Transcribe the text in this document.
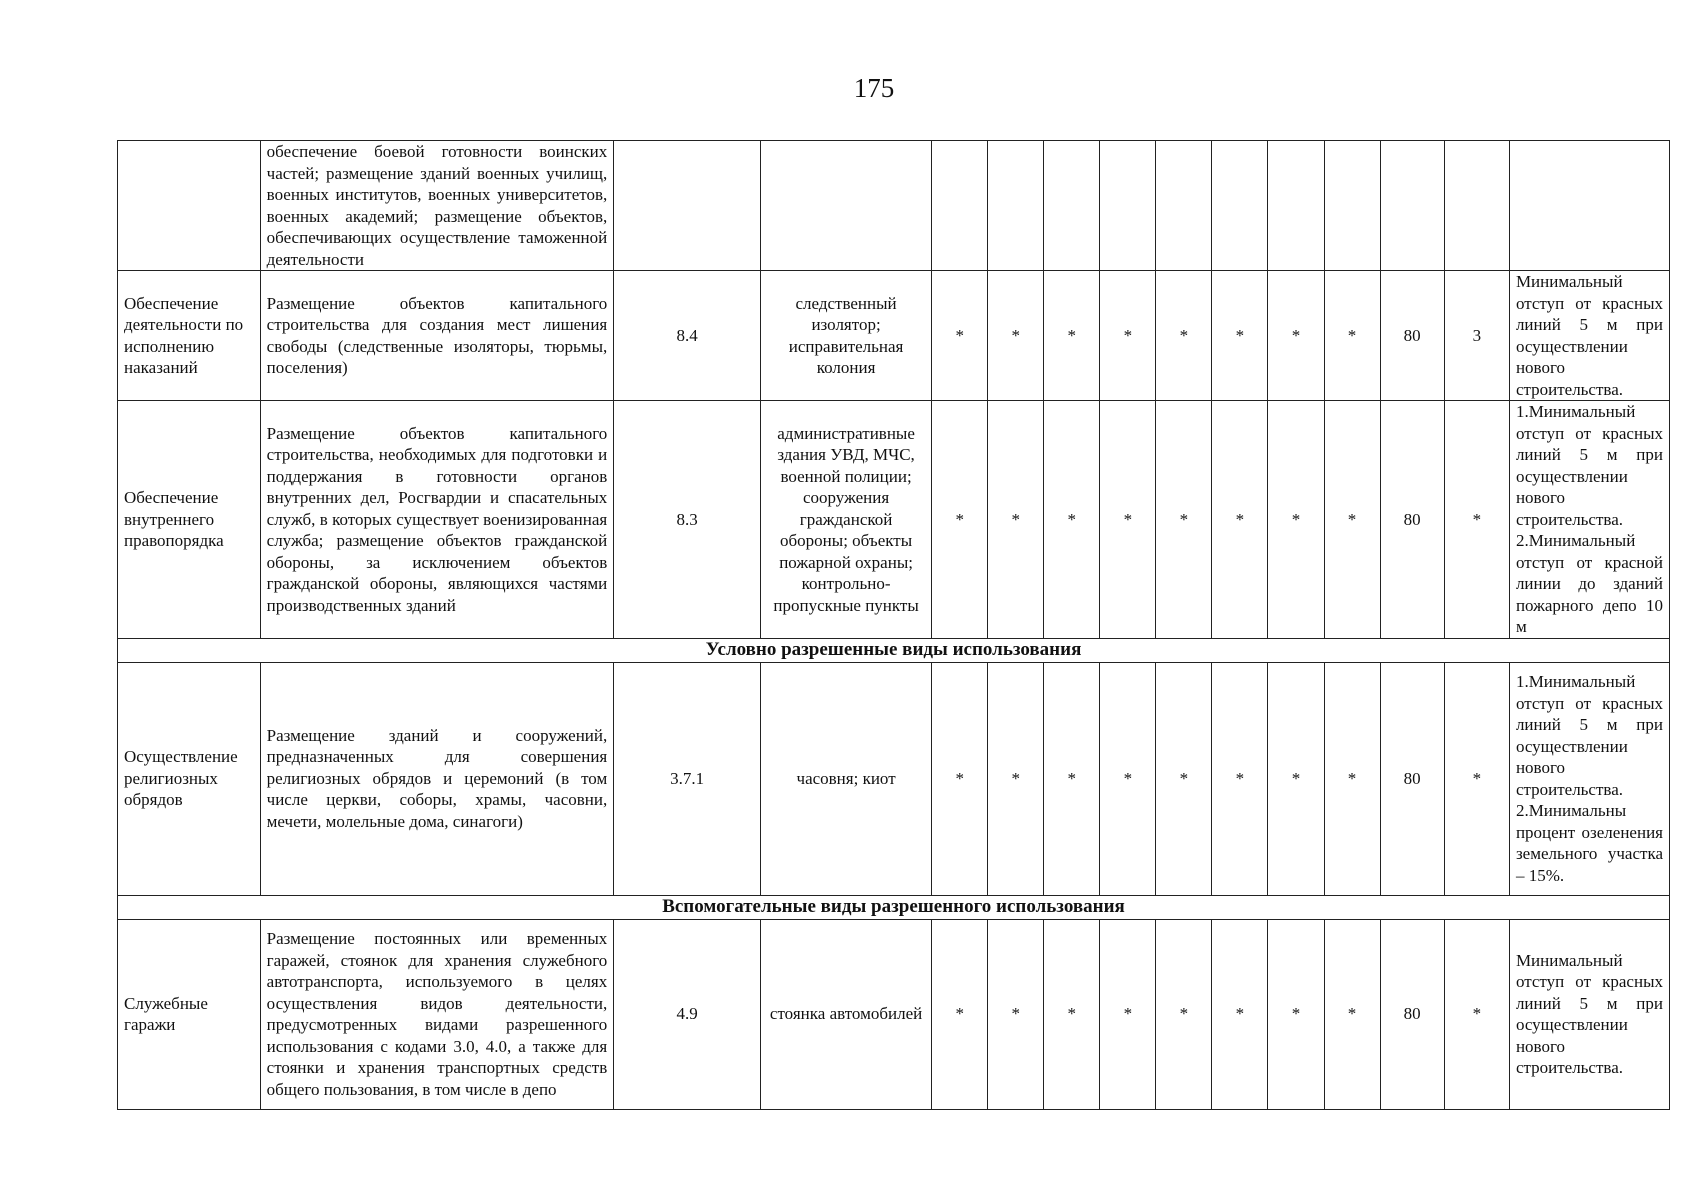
175
	обеспечение боевой готовности воинских частей; размещение зданий военных училищ, военных институтов, военных университетов, военных академий; размещение объектов, обеспечивающих осуществление таможенной деятельности													
Обеспечение деятельности по исполнению наказаний	Размещение объектов капитального строительства для создания мест лишения свободы (следственные изоляторы, тюрьмы, поселения)	8.4	следственный изолятор; исправительная колония	*	*	*	*	*	*	*	*	80	3	Минимальный отступ от красных линий 5 м при осуществлении нового строительства.
Обеспечение внутреннего правопорядка	Размещение объектов капитального строительства, необходимых для подготовки и поддержания в готовности органов внутренних дел, Росгвардии и спасательных служб, в которых существует военизированная служба; размещение объектов гражданской обороны, за исключением объектов гражданской обороны, являющихся частями производственных зданий	8.3	административные здания УВД, МЧС, военной полиции; сооружения гражданской обороны; объекты пожарной охраны; контрольно-пропускные пункты	*	*	*	*	*	*	*	*	80	*	1.Минимальный отступ от красных линий 5 м при осуществлении нового строительства.
2.Минимальный отступ от красной линии до зданий пожарного депо 10 м
Условно разрешенные виды использования														
Осуществление религиозных обрядов	Размещение зданий и сооружений, предназначенных для совершения религиозных обрядов и церемоний (в том числе церкви, соборы, храмы, часовни, мечети, молельные дома, синагоги)	3.7.1	часовня; киот	*	*	*	*	*	*	*	*	80	*	1.Минимальный отступ от красных линий 5 м при осуществлении нового строительства.
2.Минимальны процент озеленения земельного участка – 15%.
Вспомогательные виды разрешенного использования														
Служебные гаражи	Размещение постоянных или временных гаражей, стоянок для хранения служебного автотранспорта, используемого в целях осуществления видов деятельности, предусмотренных видами разрешенного использования с кодами 3.0, 4.0, а также для стоянки и хранения транспортных средств общего пользования, в том числе в депо	4.9	стоянка автомобилей	*	*	*	*	*	*	*	*	80	*	Минимальный отступ от красных линий 5 м при осуществлении нового строительства.
